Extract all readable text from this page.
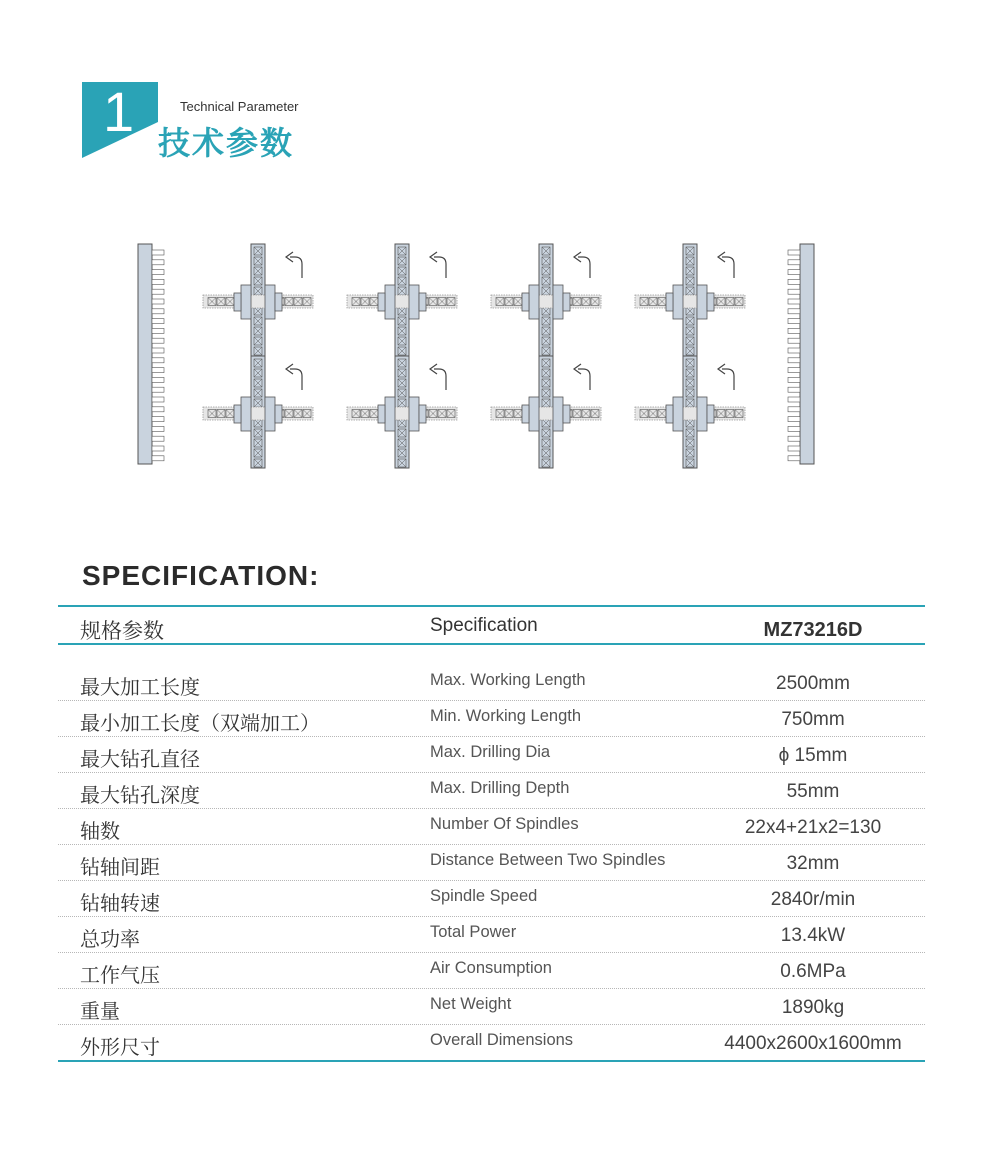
1	Technical Parameter
技术参数
SPECIFICATION:
规格参数	Specification	MZ73216D
最大加工长度	Max. Working Length	2500mm
最小加工长度（双端加工）	Min. Working Length	750mm
最大钻孔直径	Max. Drilling Dia	ϕ 15mm
最大钻孔深度	Max. Drilling Depth	55mm
轴数	Number Of Spindles	22x4+21x2=130
钻轴间距	Distance Between Two Spindles	32mm
钻轴转速	Spindle Speed	2840r/min
总功率	Total Power	13.4kW
工作气压	Air Consumption	0.6MPa
重量	Net Weight	1890kg
外形尺寸	Overall Dimensions	4400x2600x1600mm
